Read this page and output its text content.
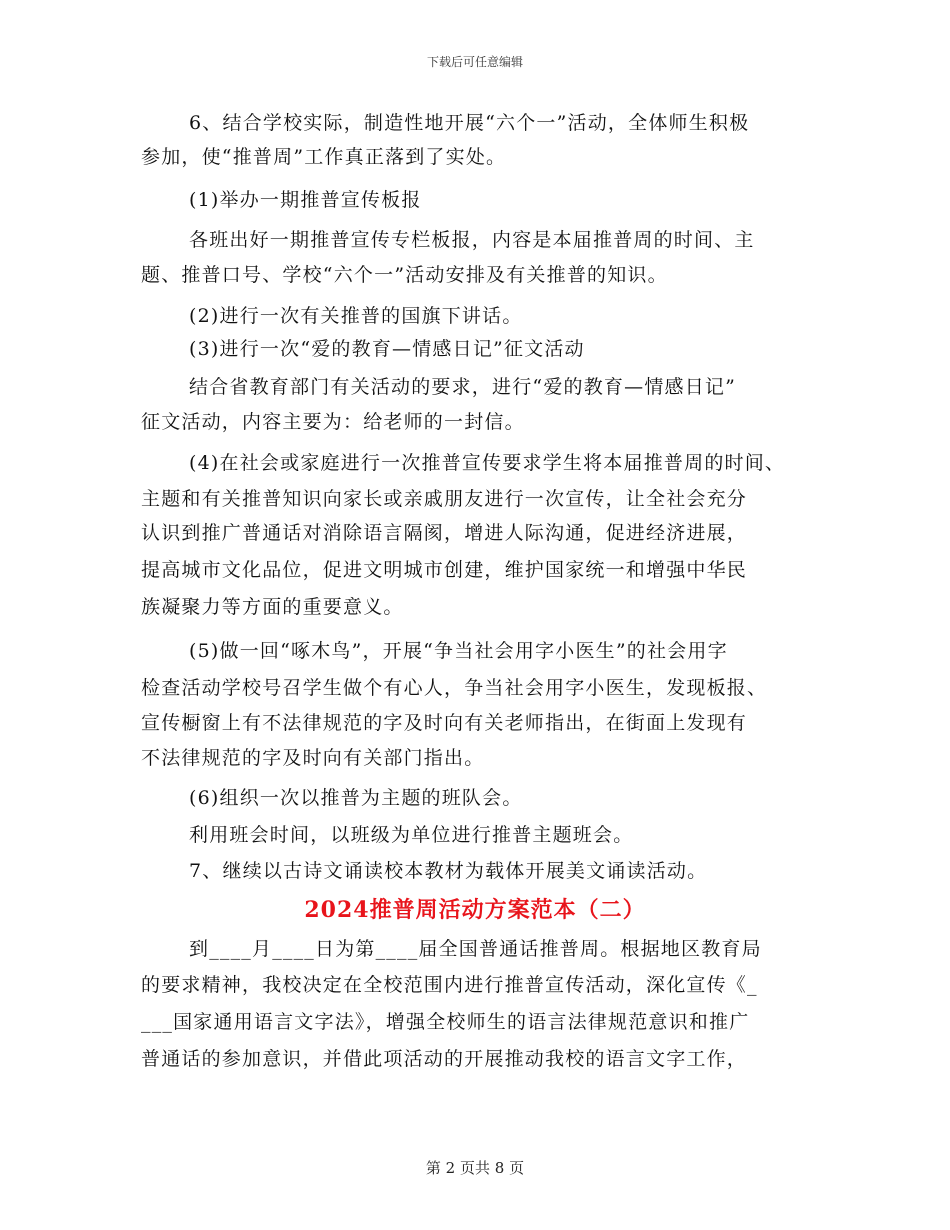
下载后可任意编辑
6、结合学校实际，制造性地开展“六个一”活动，全体师生积极
参加，使“推普周”工作真正落到了实处。
(1)举办一期推普宣传板报
各班出好一期推普宣传专栏板报，内容是本届推普周的时间、主
题、推普口号、学校“六个一”活动安排及有关推普的知识。
(2)进行一次有关推普的国旗下讲话。
(3)进行一次“爱的教育—情感日记”征文活动
结合省教育部门有关活动的要求，进行“爱的教育—情感日记”
征文活动，内容主要为：给老师的一封信。
(4)在社会或家庭进行一次推普宣传要求学生将本届推普周的时间、
主题和有关推普知识向家长或亲戚朋友进行一次宣传，让全社会充分
认识到推广普通话对消除语言隔阂，增进人际沟通，促进经济进展，
提高城市文化品位，促进文明城市创建，维护国家统一和增强中华民
族凝聚力等方面的重要意义。
(5)做一回“啄木鸟”，开展“争当社会用字小医生”的社会用字
检查活动学校号召学生做个有心人，争当社会用字小医生，发现板报、
宣传橱窗上有不法律规范的字及时向有关老师指出，在街面上发现有
不法律规范的字及时向有关部门指出。
(6)组织一次以推普为主题的班队会。
利用班会时间，以班级为单位进行推普主题班会。
7、继续以古诗文诵读校本教材为载体开展美文诵读活动。
2024推普周活动方案范本（二）
到____月____日为第____届全国普通话推普周。根据地区教育局
的要求精神，我校决定在全校范围内进行推普宣传活动，深化宣传《_
___国家通用语言文字法》，增强全校师生的语言法律规范意识和推广
普通话的参加意识，并借此项活动的开展推动我校的语言文字工作，
第 2 页共 8 页
